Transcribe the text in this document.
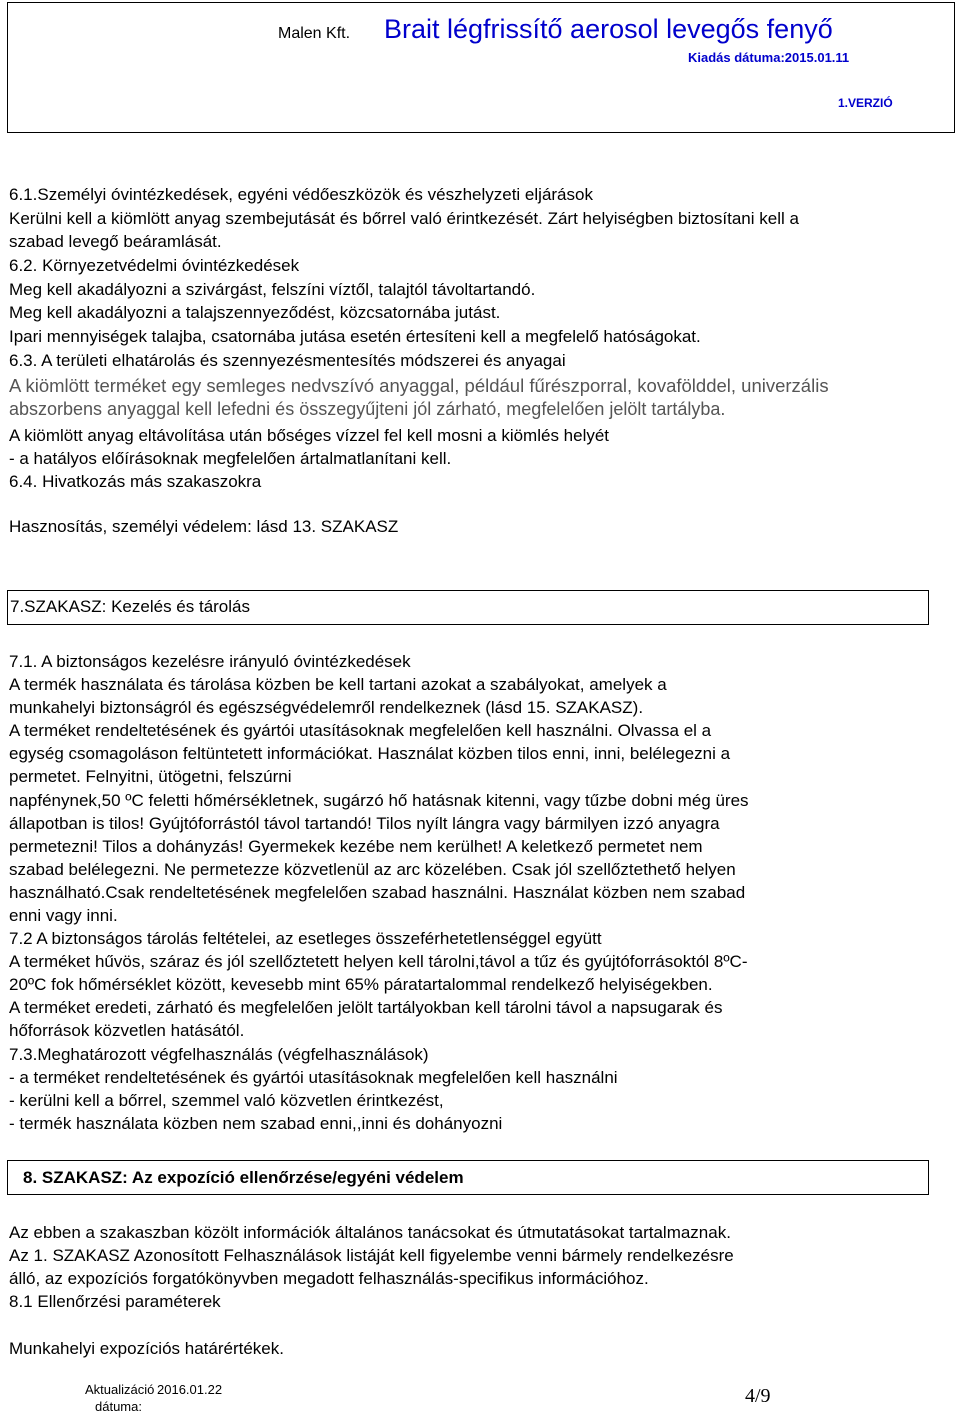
Malen Kft. Brait légfrissítő aerosol levegős fenyő
Kiadás dátuma:2015.01.11
1.VERZIÓ
6.1.Személyi óvintézkedések, egyéni védőeszközök és vészhelyzeti eljárások
Kerülni kell a kiömlött anyag szembejutását és bőrrel való érintkezését. Zárt helyiségben biztosítani kell a
szabad levegő beáramlását.
6.2. Környezetvédelmi óvintézkedések
Meg kell akadályozni a szivárgást, felszíni víztől, talajtól távoltartandó.
Meg kell akadályozni a talajszennyeződést, közcsatornába jutást.
Ipari mennyiségek talajba, csatornába jutása esetén értesíteni kell a megfelelő hatóságokat.
6.3. A területi elhatárolás és szennyezésmentesítés módszerei és anyagai
A kiömlött terméket egy semleges nedvszívó anyaggal, például fűrészporral, kovafölddel, univerzális
abszorbens anyaggal kell lefedni és összegyűjteni jól zárható, megfelelően jelölt tartályba.
A kiömlött anyag eltávolítása után bőséges vízzel fel kell mosni a kiömlés helyét
- a hatályos előírásoknak megfelelően ártalmatlanítani kell.
6.4. Hivatkozás más szakaszokra
Hasznosítás, személyi védelem: lásd 13. SZAKASZ
7.SZAKASZ: Kezelés és tárolás
7.1. A biztonságos kezelésre irányuló óvintézkedések
A termék használata és tárolása közben be kell tartani azokat a szabályokat, amelyek a
munkahelyi biztonságról és egészségvédelemről rendelkeznek (lásd 15. SZAKASZ).
A terméket rendeltetésének és gyártói utasításoknak megfelelően kell használni. Olvassa el a
egység csomagoláson feltüntetett információkat. Használat közben tilos enni, inni, belélegezni a
permetet. Felnyitni, ütögetni, felszúrni
napfénynek,50 ºC feletti hőmérsékletnek, sugárzó hő hatásnak kitenni, vagy tűzbe dobni még üres
állapotban is tilos! Gyújtóforrástól távol tartandó! Tilos nyílt lángra vagy bármilyen izzó anyagra
permetezni! Tilos a dohányzás! Gyermekek kezébe nem kerülhet! A keletkező permetet nem
szabad belélegezni. Ne permetezze közvetlenül az arc közelében. Csak jól szellőztethető helyen
használható.Csak rendeltetésének megfelelően szabad használni. Használat közben nem szabad
enni vagy inni.
7.2 A biztonságos tárolás feltételei, az esetleges összeférhetetlenséggel együtt
A terméket hűvös, száraz és jól szellőztetett helyen kell tárolni,távol a tűz és gyújtóforrásoktól 8ºC-
20ºC fok hőmérséklet között, kevesebb mint 65% páratartalommal rendelkező helyiségekben.
A terméket eredeti, zárható és megfelelően jelölt tartályokban kell tárolni távol a napsugarak és
hőforrások közvetlen hatásától.
7.3.Meghatározott végfelhasználás (végfelhasználások)
- a terméket rendeltetésének és gyártói utasításoknak megfelelően kell használni
- kerülni kell a bőrrel, szemmel való közvetlen érintkezést,
- termék használata közben nem szabad enni,,inni és dohányozni
8. SZAKASZ: Az expozíció ellenőrzése/egyéni védelem
Az ebben a szakaszban közölt információk általános tanácsokat és útmutatásokat tartalmaznak.
Az 1. SZAKASZ Azonosított Felhasználások listáját kell figyelembe venni bármely rendelkezésre
álló, az expozíciós forgatókönyvben megadott felhasználás-specifikus információhoz.
8.1 Ellenőrzési paraméterek
Munkahelyi expozíciós határértékek.
Aktualizáció
dátuma:
2016.01.22	4/9
